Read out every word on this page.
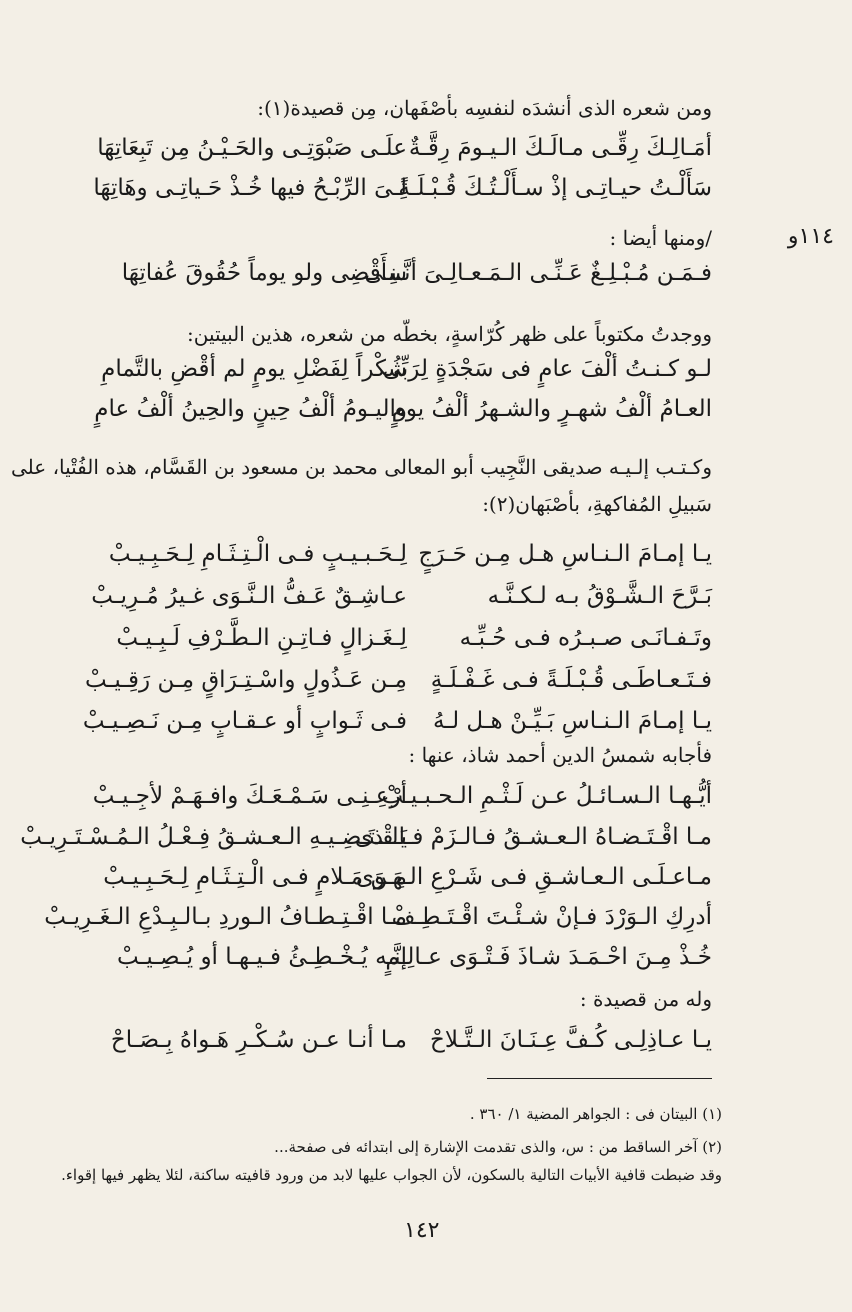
ومن شعره الذى أنشدَه لنفسِه بأصْفَهان، مِن قصيدة(١):
أمَـالِـكَ رِقِّـى مـالَـكَ الـيـومَ رِقَّـةٌ
علَـى صَبْوَتِـى والحَـيْـنُ مِن تَبِعَاتِهَا
سَأَلْـتُ حيـاتِـى إذْ سـأَلْـتُـكَ قُـبْـلَـةً
لِـىَ الرِّبْـحُ فيها خُـذْ حَـياتِـى وهَاتِهَا
١١٤و
/ومنها أيضا :
فـمَـن مُـبْـلِـغٌ عَـنِّـى الـمَـعـالِـىَ أنَّـنِـى
سأَقْضِى ولو يوماً حُقُوقَ عُفاتِهَا
ووجدتُ مكتوباً على ظهر كُرّاسةٍ، بخطّه من شعره، هذين البيتين:
لـو كـنـتُ ألْفَ عامٍ فى سَجْدَةٍ لِرَبِّى
شُكْراً لِفَضْلِ يومٍ لم أقْضِ بالتَّمامِ
العـامُ ألْفُ شهـرٍ والشـهرُ ألْفُ يومٍ
واليـومُ ألْفُ حِينٍ والحِينُ ألْفُ عامٍ
وكـتـب إلـيـه صديقى النَّجِيب أبو المعالى محمد بن مسعود بن القَسَّام، هذه الفُتْيا، على
سَبيلِ المُفاكهةِ، بأصْبَهان(٢):
يـا إمـامَ الـنـاسِ هـل مِـن حَـرَجٍ
لِـحَـبـيـبٍ فـى الْـتِـثَـامِ لِـحَـبِـيـبْ
بَـرَّحَ الـشَّـوْقُ بـه لـكـنَّـه
عـاشِـقٌ عَـفُّ الـنَّـوَى غـيرُ مُـرِيـبْ
وتَـفـانَـى صـبـرُه فـى حُـبِّـه
لِـغَـزالٍ فـاتِـنِ الـطَّـرْفِ لَـبِـيـبْ
فـتَـعـاطَـى قُـبْـلَـةً فـى غَـفْـلَـةٍ
مِـن عَـذُولٍ واسْـتِـرَاقٍ مِـن رَقِـيـبْ
يـا إمـامَ الـنـاسِ بَـيِّـنْ هـل لـهُ
فـى ثَـوابٍ أو عـقـابٍ مِـن نَـصِـيـبْ
فأجابه شمسُ الدين أحمد شاذ، عنها :
أيُّـهـا الـسـائـلُ عـن لَـثْـمِ الـحـبـيـبْ
أرْعِـنِـى سَـمْـعَـكَ وافـهَـمْ لأجِـيـبْ
مـا اقْـتَـضـاهُ الـعـشـقُ فـالـزَمْ فـالـذى
يَـقْـتَـضِـيـهِ الـعـشـقُ فِـعْـلُ الـمُـسْـتَـرِيـبْ
مـاعـلَـى الـعـاشـقِ فـى شَـرْعِ الـهَـوَى
مِـن مَـلامٍ فـى الْـتِـثَـامِ لِـحَـبِـيـبْ
أدرِكِ الـوَرْدَ فـإنْ شـئْـتَ اقْـتَـطِـفْ
مـا اقْـتِـطـافُ الـوردِ بـالـبِـدْعِ الـغَـرِيـبْ
خُـذْ مِـنَ احْـمَـدَ شـاذَ فَـتْـوَى عـالِـمٍ
إنَّـه يُـخْـطِـئُ فـيـهـا أو يُـصِـيـبْ
وله من قصيدة :
يـا عـاذِلِـى كُـفَّ عِـنَـانَ الـتَّـلاحْ
مـا أنـا عـن سُـكْـرِ هَـواهُ بِـصَـاحْ
(١) البيتان فى : الجواهر المضية ١/ ٣٦٠ .
(٢) آخر الساقط من : س، والذى تقدمت الإشارة إلى ابتدائه فى صفحة...
وقد ضبطت قافية الأبيات التالية بالسكون، لأن الجواب عليها لابد من ورود قافيته ساكنة، لئلا يظهر فيها إقواء.
١٤٢
